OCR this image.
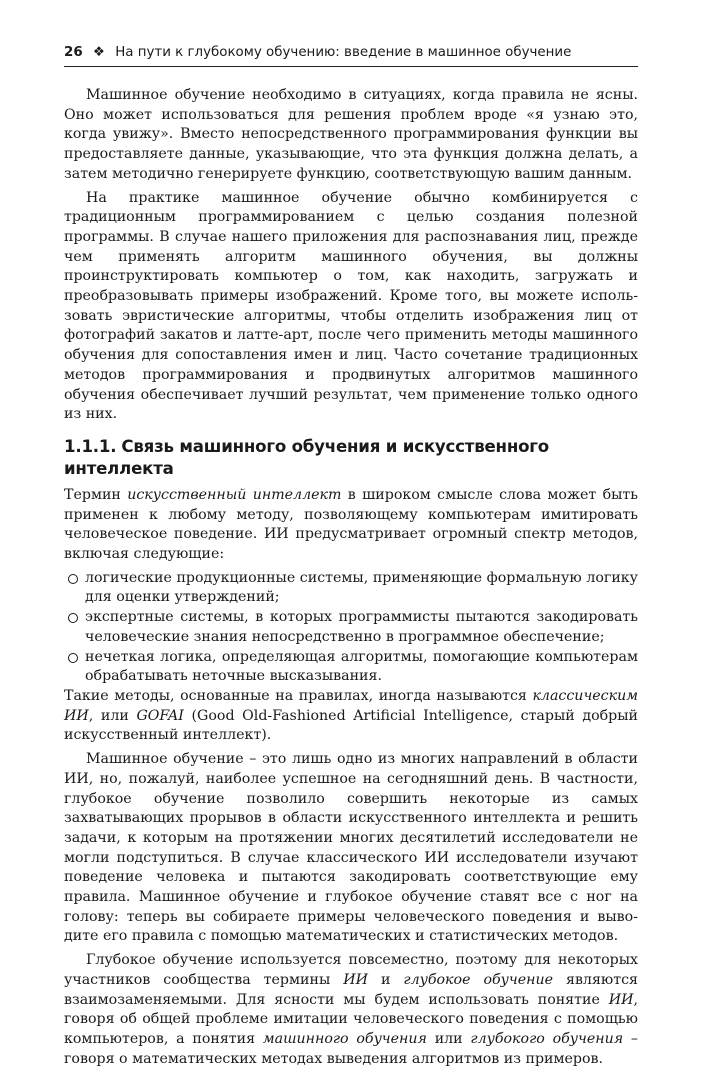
26 ❖ На пути к глубокому обучению: введение в машинное обучение

Машинное обучение необходимо в ситуациях, когда правила не ясны. Оно может использоваться для решения проблем вроде «я узнаю это, когда увижу». Вместо непосредственного программирования функции вы предоставляете данные, указывающие, что эта функция должна делать, а затем методично генерируете функцию, соответствующую вашим данным.

На практике машинное обучение обычно комбинируется с традиционным программированием с целью создания полезной программы. В случае нашего приложения для распознавания лиц, прежде чем применять алгоритм машинного обучения, вы должны проинструктировать компьютер о том, как находить, загружать и преобразовывать примеры изображений. Кроме того, вы можете использовать эвристические алгоритмы, чтобы отделить изображения лиц от фотографий закатов и латте-арт, после чего применить методы машинного обучения для сопоставления имен и лиц. Часто сочетание традиционных методов программирования и продвинутых алгоритмов машинного обучения обеспечивает лучший результат, чем применение только одного из них.

1.1.1. Связь машинного обучения и искусственного интеллекта

Термин искусственный интеллект в широком смысле слова может быть применен к любому методу, позволяющему компьютерам имитировать человеческое поведение. ИИ предусматривает огромный спектр методов, включая следующие:

логические продукционные системы, применяющие формальную логику для оценки утверждений;
экспертные системы, в которых программисты пытаются закодировать человеческие знания непосредственно в программное обеспечение;
нечеткая логика, определяющая алгоритмы, помогающие компьютерам обрабатывать неточные высказывания.

Такие методы, основанные на правилах, иногда называются классическим ИИ, или GOFAI (Good Old-Fashioned Artificial Intelligence, старый добрый искусственный интеллект).

Машинное обучение – это лишь одно из многих направлений в области ИИ, но, пожалуй, наиболее успешное на сегодняшний день. В частности, глубокое обучение позволило совершить некоторые из самых захватывающих прорывов в области искусственного интеллекта и решить задачи, к которым на протяжении многих десятилетий исследователи не могли подступиться. В случае классического ИИ исследователи изучают поведение человека и пытаются закодировать соответствующие ему правила. Машинное обучение и глубокое обучение ставят все с ног на голову: теперь вы собираете примеры человеческого поведения и выводите его правила с помощью математических и статистических методов.

Глубокое обучение используется повсеместно, поэтому для некоторых участников сообщества термины ИИ и глубокое обучение являются взаимозаменяемыми. Для ясности мы будем использовать понятие ИИ, говоря об общей проблеме имитации человеческого поведения с помощью компьютеров, а понятия машинного обучения или глубокого обучения – говоря о математических методах выведения алгоритмов из примеров.
